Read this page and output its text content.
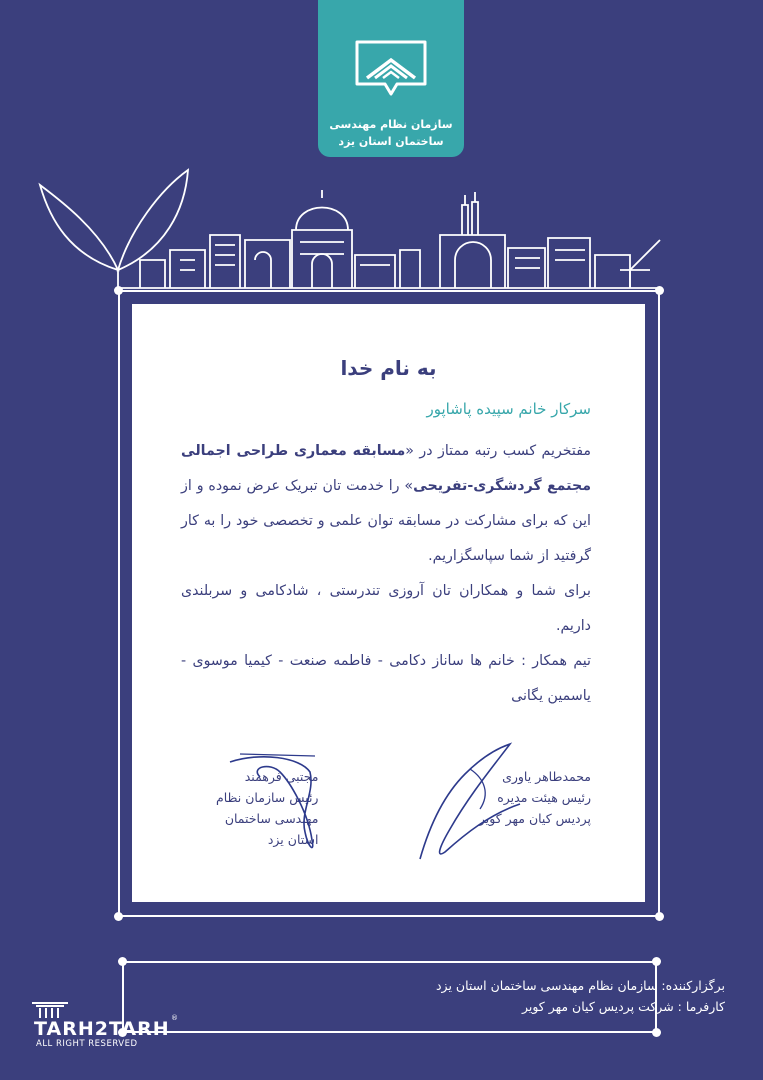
سازمان نظام مهندسی
ساختمان استان یزد
به نام خدا
سرکار خانم سپیده پاشاپور

مفتخریم کسب رتبه ممتاز در «مسابقه معماری طراحی اجمالی مجتمع گردشگری-تفریحی» را خدمت تان تبریک عرض نموده و از این که برای مشارکت در مسابقه توان علمی و تخصصی خود را به کار گرفتید از شما سپاسگزاریم.

برای شما و همکاران تان آروزی تندرستی ، شادکامی و سربلندی داریم.

تیم همکار : خانم ها ساناز دکامی - فاطمه صنعت - کیمیا موسوی - یاسمین یگانی

مجتبی فرهمند
رئیس سازمان نظام
مهندسی ساختمان
استان یزد
محمدطاهر یاوری
رئیس هیئت مدیره
پردیس کیان مهر کویر
برگزارکننده: سازمان نظام مهندسی ساختمان استان یزد
کارفرما : شرکت پردیس کیان مهر کویر
TARH2TARH ®
ALL RIGHT RESERVED
